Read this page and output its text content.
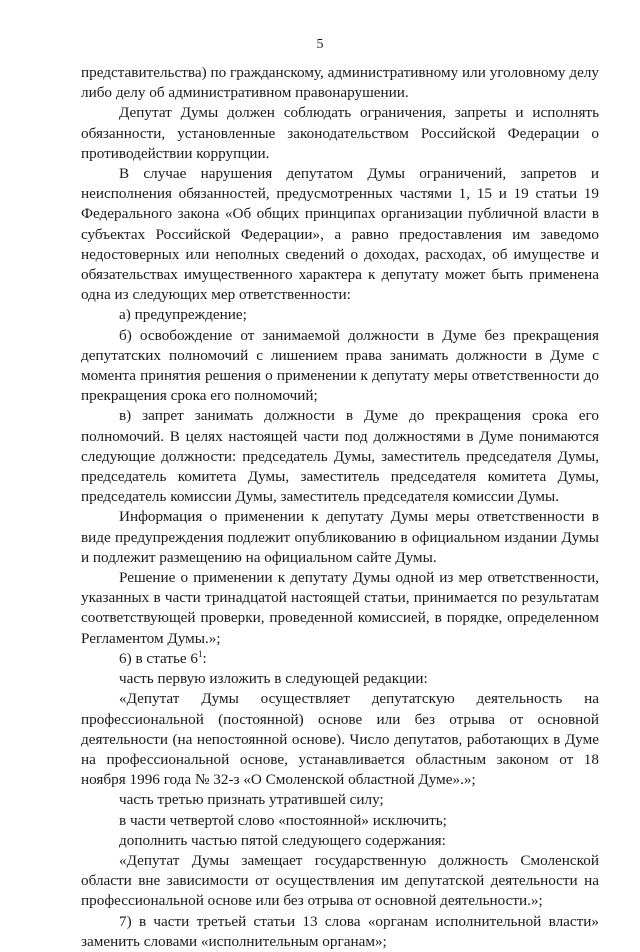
5

представительства) по гражданскому, административному или уголовному делу либо делу об административном правонарушении.

Депутат Думы должен соблюдать ограничения, запреты и исполнять обязанности, установленные законодательством Российской Федерации о противодействии коррупции.

В случае нарушения депутатом Думы ограничений, запретов и неисполнения обязанностей, предусмотренных частями 1, 15 и 19 статьи 19 Федерального закона «Об общих принципах организации публичной власти в субъектах Российской Федерации», а равно предоставления им заведомо недостоверных или неполных сведений о доходах, расходах, об имуществе и обязательствах имущественного характера к депутату может быть применена одна из следующих мер ответственности:

а) предупреждение;

б) освобождение от занимаемой должности в Думе без прекращения депутатских полномочий с лишением права занимать должности в Думе с момента принятия решения о применении к депутату меры ответственности до прекращения срока его полномочий;

в) запрет занимать должности в Думе до прекращения срока его полномочий. В целях настоящей части под должностями в Думе понимаются следующие должности: председатель Думы, заместитель председателя Думы, председатель комитета Думы, заместитель председателя комитета Думы, председатель комиссии Думы, заместитель председателя комиссии Думы.

Информация о применении к депутату Думы меры ответственности в виде предупреждения подлежит опубликованию в официальном издании Думы и подлежит размещению на официальном сайте Думы.

Решение о применении к депутату Думы одной из мер ответственности, указанных в части тринадцатой настоящей статьи, принимается по результатам соответствующей проверки, проведенной комиссией, в порядке, определенном Регламентом Думы.»;

6) в статье $6^1$:

часть первую изложить в следующей редакции:

«Депутат Думы осуществляет депутатскую деятельность на профессиональной (постоянной) основе или без отрыва от основной деятельности (на непостоянной основе). Число депутатов, работающих в Думе на профессиональной основе, устанавливается областным законом от 18 ноября 1996 года № 32-з «О Смоленской областной Думе».»;

часть третью признать утратившей силу;

в части четвертой слово «постоянной» исключить;

дополнить частью пятой следующего содержания:

«Депутат Думы замещает государственную должность Смоленской области вне зависимости от осуществления им депутатской деятельности на профессиональной основе или без отрыва от основной деятельности.»;

7) в части третьей статьи 13 слова «органам исполнительной власти» заменить словами «исполнительным органам»;
